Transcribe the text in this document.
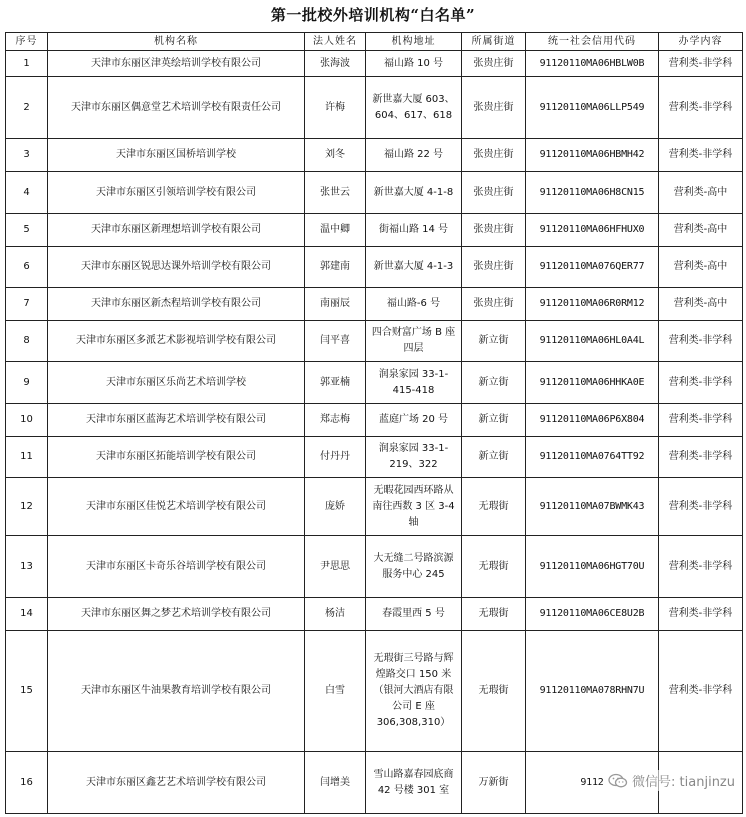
第一批校外培训机构“白名单”
序号	机构名称	法人姓名	机构地址	所属街道	统一社会信用代码	办学内容
1	天津市东丽区津英绘培训学校有限公司	张海波	福山路 10 号	张贵庄街	91120110MA06HBLW0B	营利类-非学科
2	天津市东丽区偶意堂艺术培训学校有限责任公司	许梅	新世嘉大厦 603、604、617、618	张贵庄街	91120110MA06LLP549	营利类-非学科
3	天津市东丽区国桥培训学校	刘冬	福山路 22 号	张贵庄街	91120110MA06HBMH42	营利类-非学科
4	天津市东丽区引领培训学校有限公司	张世云	新世嘉大厦 4-1-8	张贵庄街	91120110MA06H8CN15	营利类-高中
5	天津市东丽区新理想培训学校有限公司	温中卿	街福山路 14 号	张贵庄街	91120110MA06HFHUX0	营利类-高中
6	天津市东丽区锐思达课外培训学校有限公司	郭建南	新世嘉大厦 4-1-3	张贵庄街	91120110MA076QER77	营利类-高中
7	天津市东丽区新杰程培训学校有限公司	南丽辰	福山路-6 号	张贵庄街	91120110MA06R0RM12	营利类-高中
8	天津市东丽区多派艺术影视培训学校有限公司	闫平喜	四合财富广场 B 座四层	新立街	91120110MA06HL0A4L	营利类-非学科
9	天津市东丽区乐尚艺术培训学校	郭亚楠	润泉家园 33-1-415-418	新立街	91120110MA06HHKA0E	营利类-非学科
10	天津市东丽区蓝海艺术培训学校有限公司	郑志梅	蓝庭广场 20 号	新立街	91120110MA06P6X804	营利类-非学科
11	天津市东丽区拓能培训学校有限公司	付丹丹	润泉家园 33-1-219、322	新立街	91120110MA0764TT92	营利类-非学科
12	天津市东丽区佳悦艺术培训学校有限公司	庞娇	无暇花园西环路从南往西数 3 区 3-4 轴	无瑕街	91120110MA07BWMK43	营利类-非学科
13	天津市东丽区卡奇乐谷培训学校有限公司	尹思思	大无缝二号路滨源服务中心 245	无瑕街	91120110MA06HGT70U	营利类-非学科
14	天津市东丽区舞之梦艺术培训学校有限公司	杨洁	春霞里西 5 号	无瑕街	91120110MA06CE8U2B	营利类-非学科
15	天津市东丽区牛油果教育培训学校有限公司	白雪	无瑕街三号路与辉煌路交口 150 米（银河大酒店有限公司 E 座 306,308,310）	无瑕街	91120110MA078RHN7U	营利类-非学科
16	天津市东丽区鑫艺艺术培训学校有限公司	闫增美	雪山路嘉春园底商 42 号楼 301 室	万新街	9112	微信号: tianjinzu
